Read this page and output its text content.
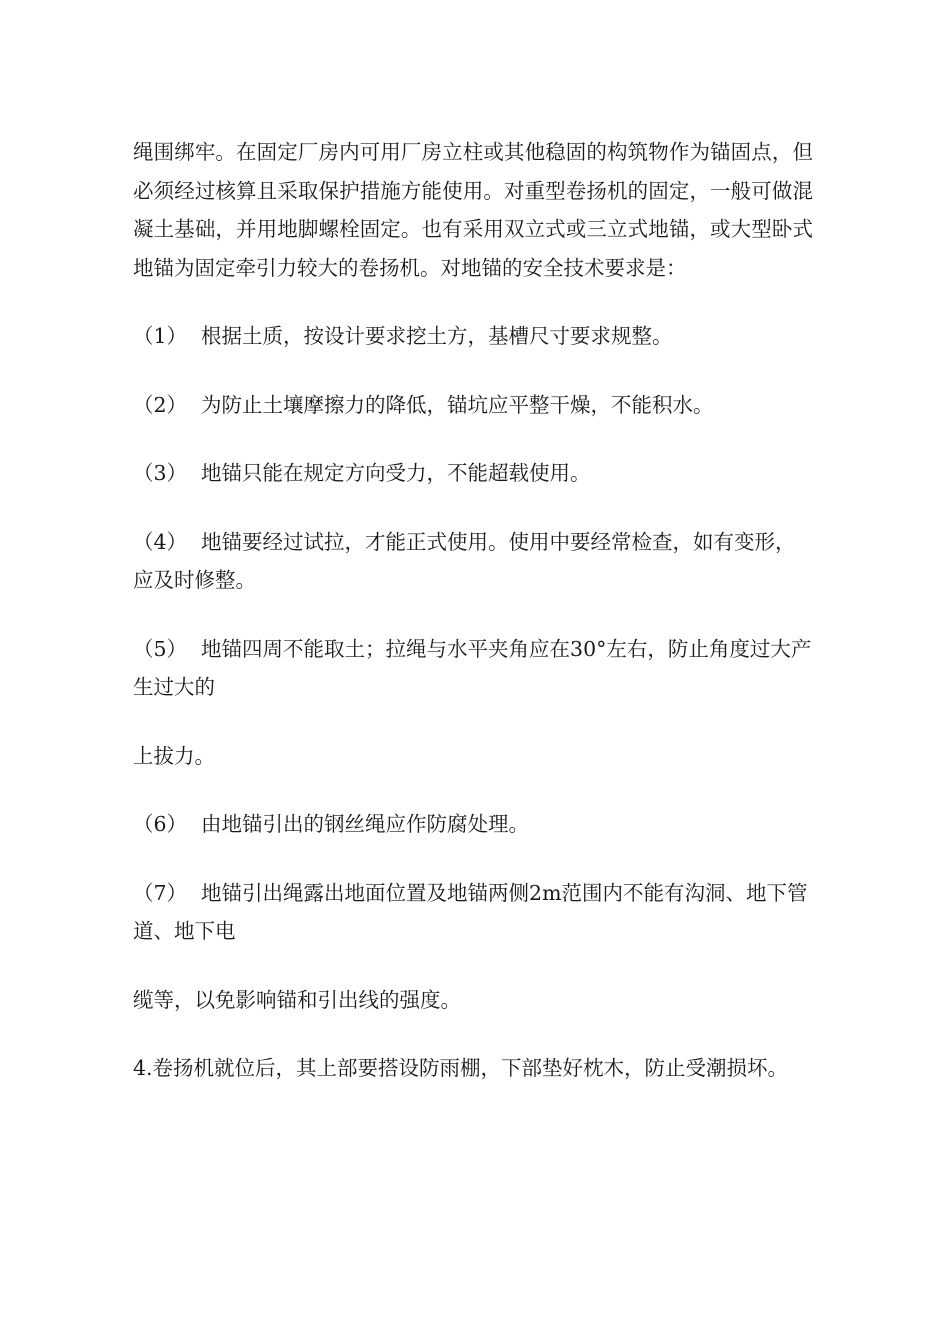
绳围绑牢。在固定厂房内可用厂房立柱或其他稳固的构筑物作为锚固点，但必须经过核算且采取保护措施方能使用。对重型卷扬机的固定，一般可做混凝土基础，并用地脚螺栓固定。也有采用双立式或三立式地锚，或大型卧式地锚为固定牵引力较大的卷扬机。对地锚的安全技术要求是：

（1） 根据土质，按设计要求挖土方，基槽尺寸要求规整。
（2） 为防止土壤摩擦力的降低，锚坑应平整干燥，不能积水。
（3） 地锚只能在规定方向受力，不能超载使用。
（4） 地锚要经过试拉，才能正式使用。使用中要经常检查，如有变形，应及时修整。
（5） 地锚四周不能取土；拉绳与水平夹角应在30°左右，防止角度过大产生过大的

上拔力。

（6） 由地锚引出的钢丝绳应作防腐处理。
（7） 地锚引出绳露出地面位置及地锚两侧2m范围内不能有沟洞、地下管道、地下电

缆等，以免影响锚和引出线的强度。

4.卷扬机就位后，其上部要搭设防雨棚，下部垫好枕木，防止受潮损坏。
